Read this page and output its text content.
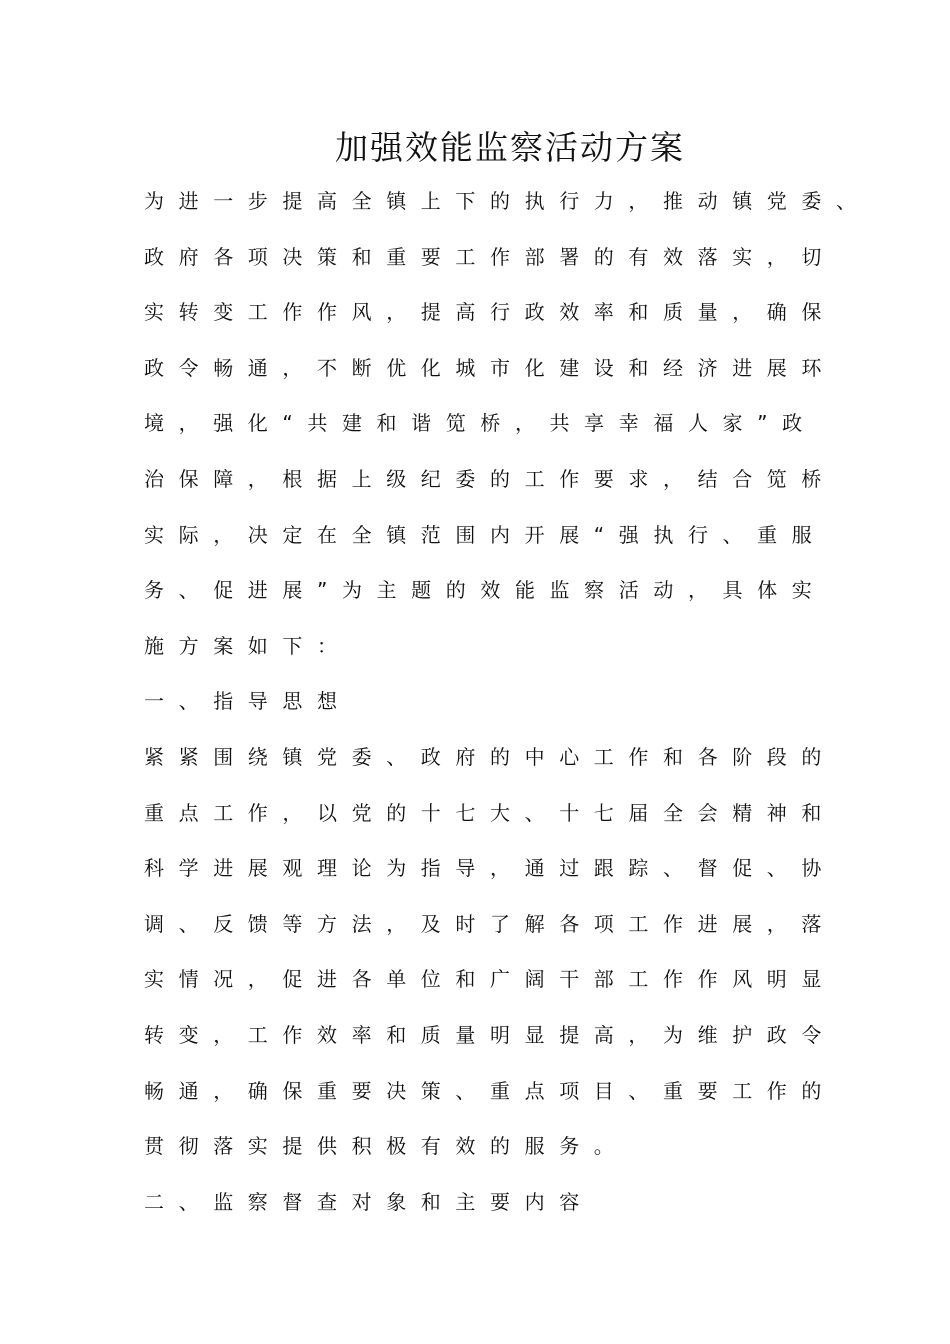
加强效能监察活动方案
为进一步提高全镇上下的执行力，推动镇党委、
政府各项决策和重要工作部署的有效落实，切
实转变工作作风，提高行政效率和质量，确保
政令畅通，不断优化城市化建设和经济进展环
境，强化“共建和谐笕桥，共享幸福人家”政
治保障，根据上级纪委的工作要求，结合笕桥
实际，决定在全镇范围内开展“强执行、重服
务、促进展”为主题的效能监察活动，具体实
施方案如下：
一、指导思想
紧紧围绕镇党委、政府的中心工作和各阶段的
重点工作，以党的十七大、十七届全会精神和
科学进展观理论为指导，通过跟踪、督促、协
调、反馈等方法，及时了解各项工作进展，落
实情况，促进各单位和广阔干部工作作风明显
转变，工作效率和质量明显提高，为维护政令
畅通，确保重要决策、重点项目、重要工作的
贯彻落实提供积极有效的服务。
二、监察督查对象和主要内容
